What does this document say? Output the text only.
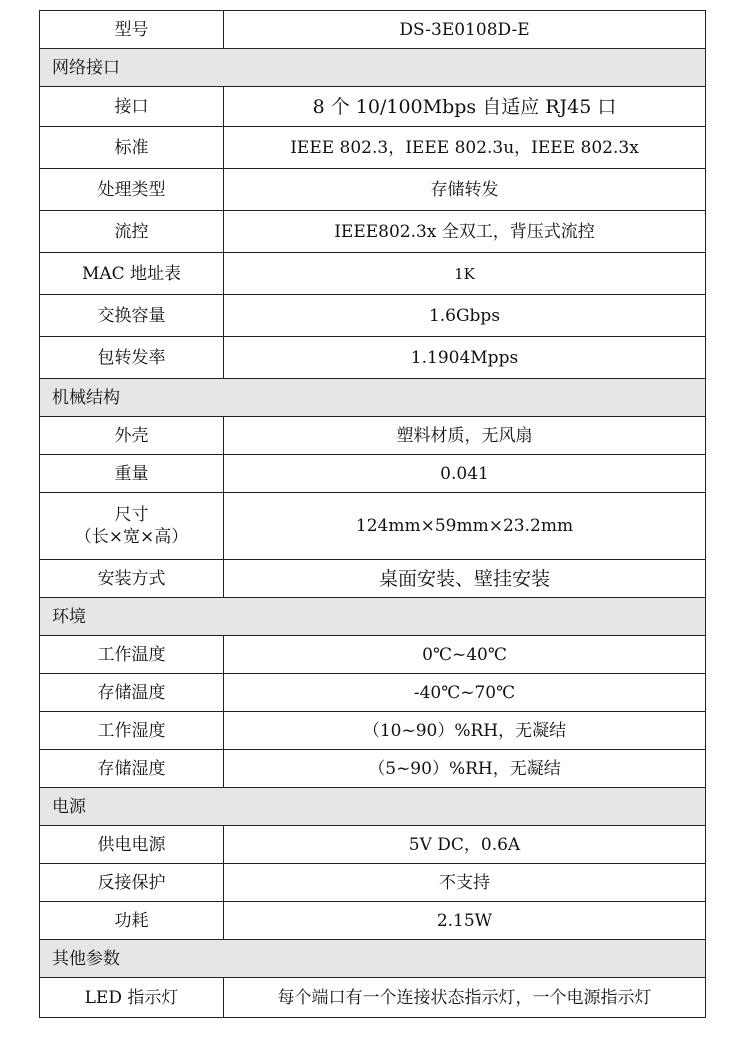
型号	DS-3E0108D-E
网络接口	
接口	8 个 10/100Mbps 自适应 RJ45 口
标准	IEEE 802.3，IEEE 802.3u，IEEE 802.3x
处理类型	存储转发
流控	IEEE802.3x 全双工，背压式流控
MAC 地址表	1K
交换容量	1.6Gbps
包转发率	1.1904Mpps
机械结构	
外壳	塑料材质，无风扇
重量	0.041

尺寸
（长×宽×高）	124mm×59mm×23.2mm
安装方式	桌面安装、壁挂安装
环境	
工作温度	0℃~40℃
存储温度	-40℃~70℃
工作湿度	（10~90）%RH，无凝结
存储湿度	（5~90）%RH，无凝结
电源	
供电电源	5V DC，0.6A
反接保护	不支持
功耗	2.15W
其他参数	
LED 指示灯	每个端口有一个连接状态指示灯，一个电源指示灯
